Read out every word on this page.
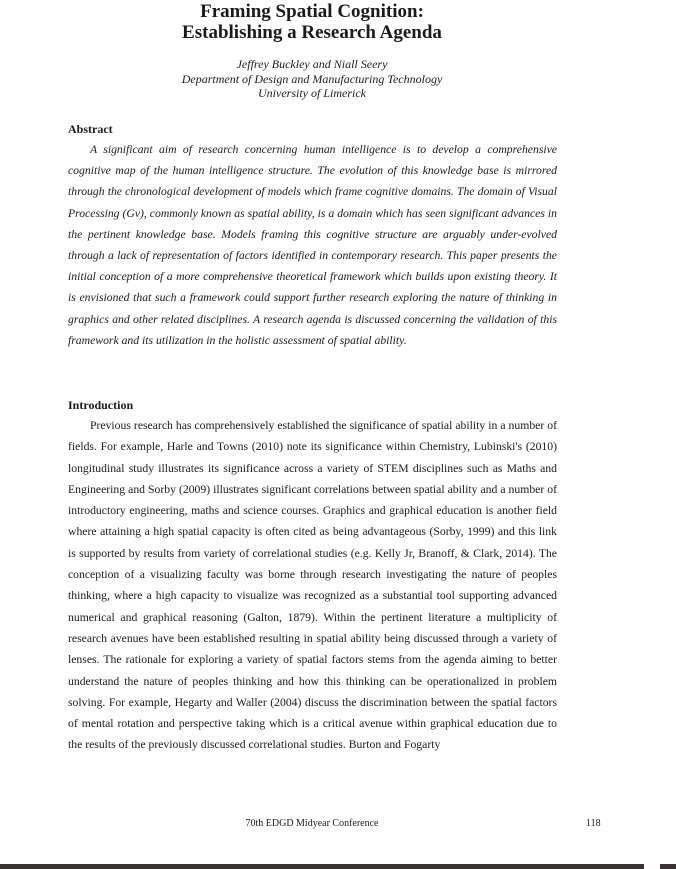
Framing Spatial Cognition:
Establishing a Research Agenda
Jeffrey Buckley and Niall Seery
Department of Design and Manufacturing Technology
University of Limerick
Abstract

A significant aim of research concerning human intelligence is to develop a comprehensive cognitive map of the human intelligence structure. The evolution of this knowledge base is mirrored through the chronological development of models which frame cognitive domains. The domain of Visual Processing (Gv), commonly known as spatial ability, is a domain which has seen significant advances in the pertinent knowledge base. Models framing this cognitive structure are arguably under-evolved through a lack of representation of factors identified in contemporary research. This paper presents the initial conception of a more comprehensive theoretical framework which builds upon existing theory. It is envisioned that such a framework could support further research exploring the nature of thinking in graphics and other related disciplines. A research agenda is discussed concerning the validation of this framework and its utilization in the holistic assessment of spatial ability.

Introduction

Previous research has comprehensively established the significance of spatial ability in a number of fields. For example, Harle and Towns (2010) note its significance within Chemistry, Lubinski's (2010) longitudinal study illustrates its significance across a variety of STEM disciplines such as Maths and Engineering and Sorby (2009) illustrates significant correlations between spatial ability and a number of introductory engineering, maths and science courses. Graphics and graphical education is another field where attaining a high spatial capacity is often cited as being advantageous (Sorby, 1999) and this link is supported by results from variety of correlational studies (e.g. Kelly Jr, Branoff, & Clark, 2014). The conception of a visualizing faculty was borne through research investigating the nature of peoples thinking, where a high capacity to visualize was recognized as a substantial tool supporting advanced numerical and graphical reasoning (Galton, 1879). Within the pertinent literature a multiplicity of research avenues have been established resulting in spatial ability being discussed through a variety of lenses. The rationale for exploring a variety of spatial factors stems from the agenda aiming to better understand the nature of peoples thinking and how this thinking can be operationalized in problem solving. For example, Hegarty and Waller (2004) discuss the discrimination between the spatial factors of mental rotation and perspective taking which is a critical avenue within graphical education due to the results of the previously discussed correlational studies. Burton and Fogarty

70th EDGD Midyear Conference	118
